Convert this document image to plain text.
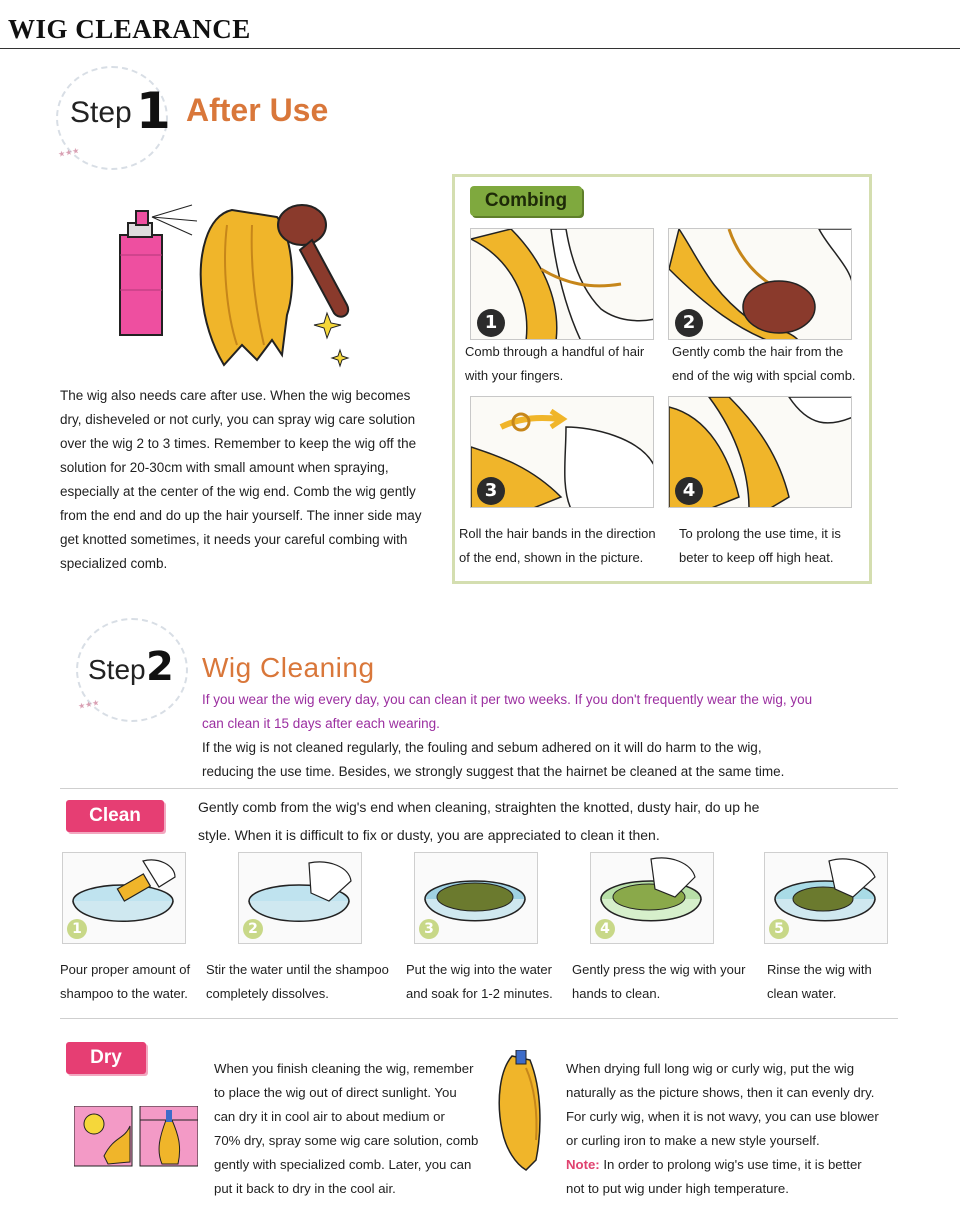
WIG CLEARANCE
Step 1
★★★
After Use
The wig also needs care after use. When the wig becomes
dry, disheveled or not curly, you can spray wig care solution
over the wig 2 to 3 times. Remember to keep the wig off the
solution for 20-30cm with small amount when spraying,
especially at the center of the wig end. Comb the wig gently
from the end and do up the hair yourself. The inner side may
get knotted sometimes, it needs your careful combing with
specialized comb.
Combing
1
Comb through a handful of hair
with your fingers.
2
Gently comb the hair from the
end of the wig with spcial comb.
3
Roll the hair bands in the direction
of the end, shown in the picture.
4
To prolong the use time, it is
beter to keep off high heat.
Step 2
★★★
Wig Cleaning
If you wear the wig every day, you can clean it per two weeks. If you don't frequently wear the wig, you
can clean it 15 days after each wearing.
If the wig is not cleaned regularly, the fouling and sebum adhered on it will do harm to the wig,
reducing the use time. Besides, we strongly suggest that the hairnet be cleaned at the same time.
Clean	Gently comb from the wig's end when cleaning, straighten the knotted, dusty hair, do up he
style. When it is difficult to fix or dusty, you are appreciated to clean it then.
1
Pour proper amount of
shampoo to the water.
2
Stir the water until the shampoo
completely dissolves.
3
Put the wig into the water
and soak for 1-2 minutes.
4
Gently press the wig with your
hands to clean.
5
Rinse the wig with
clean water.
Dry
When you finish cleaning the wig, remember
to place the wig out of direct sunlight. You
can dry it in cool air to about medium or
70% dry, spray some wig care solution, comb
gently with specialized comb. Later, you can
put it back to dry in the cool air.
When drying full long wig or curly wig, put the wig
naturally as the picture shows, then it can evenly dry.
For curly wig, when it is not wavy, you can use blower
or curling iron to make a new style yourself.
Note: In order to prolong wig's use time, it is better
not to put wig under high temperature.
